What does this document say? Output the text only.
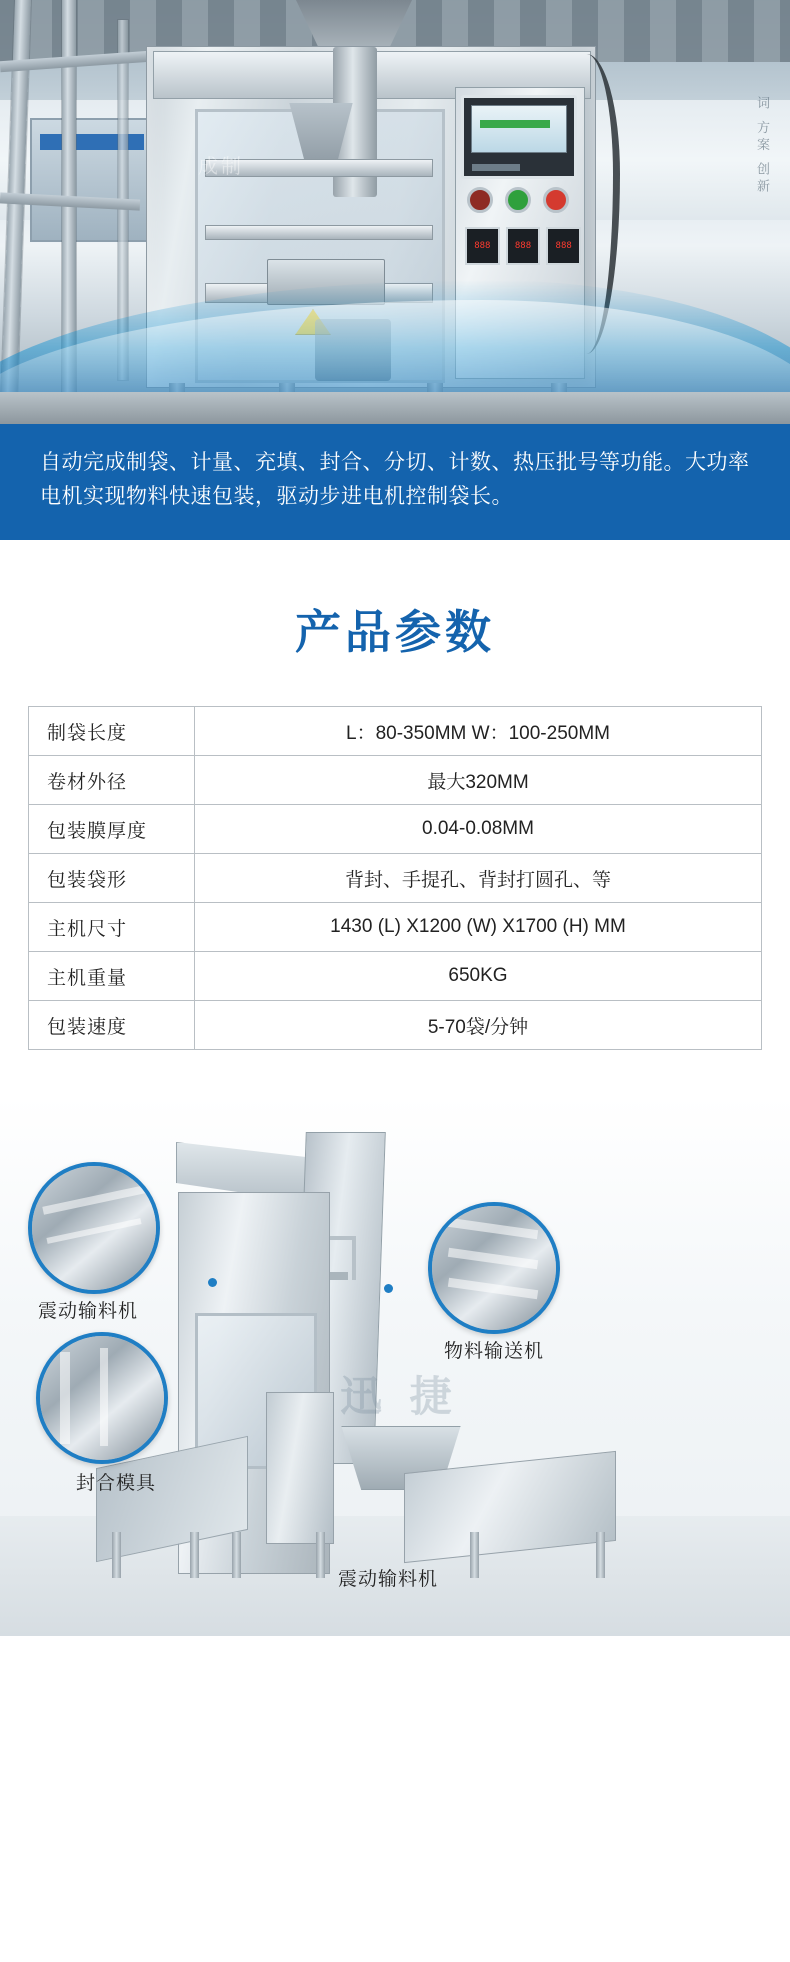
888	888	888
成制	词 方案 创新

自动完成制袋、计量、充填、封合、分切、计数、热压批号等功能。大功率电机实现物料快速包装，驱动步进电机控制袋长。

产品参数
制袋长度	L：80-350MM W：100-250MM
卷材外径	最大320MM
包装膜厚度	0.04-0.08MM
包装袋形	背封、手提孔、背封打圆孔、等
主机尺寸	1430 (L) X1200 (W) X1700 (H) MM
主机重量	650KG
包装速度	5-70袋/分钟
迅 捷
震动输料机
封合模具
物料输送机
震动输料机
